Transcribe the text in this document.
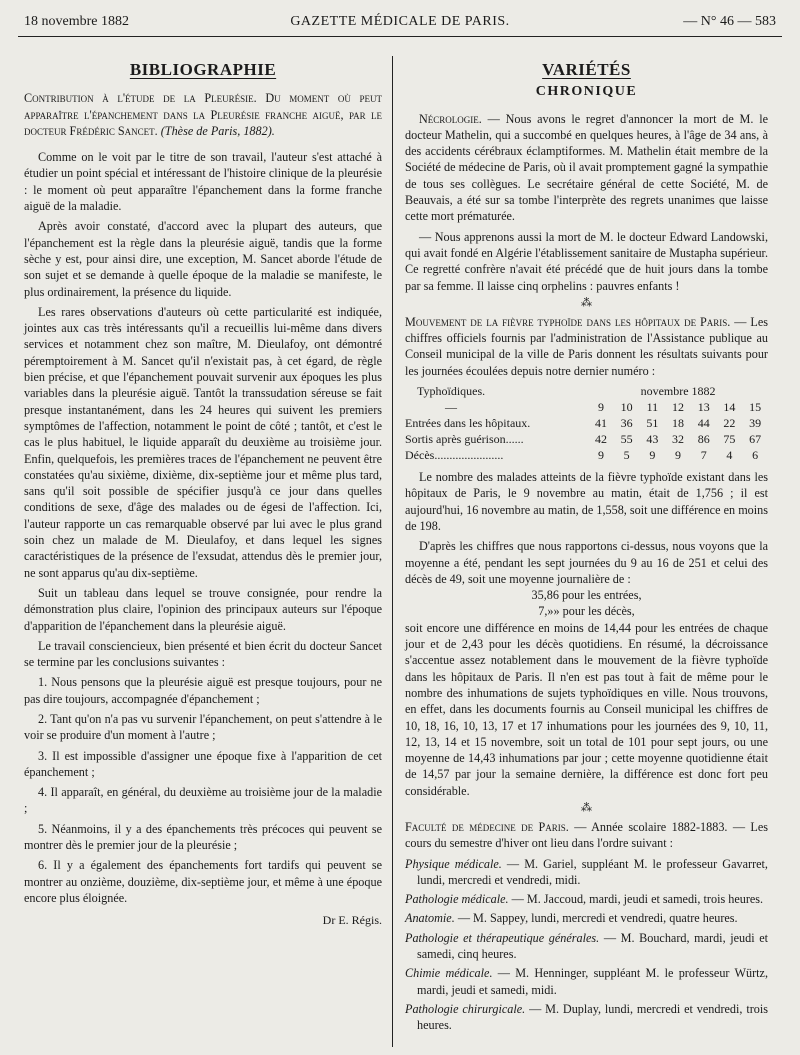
18 novembre 1882	GAZETTE MÉDICALE DE PARIS.	— N° 46 — 583
BIBLIOGRAPHIE

Contribution à l'étude de la Pleurésie. Du moment où peut apparaître l'épanchement dans la Pleurésie franche aiguë, par le docteur Frédéric Sancet. (Thèse de Paris, 1882).

Comme on le voit par le titre de son travail, l'auteur s'est attaché à étudier un point spécial et intéressant de l'histoire clinique de la pleurésie : le moment où peut apparaître l'épanchement dans la forme franche aiguë de la maladie.

Après avoir constaté, d'accord avec la plupart des auteurs, que l'épanchement est la règle dans la pleurésie aiguë, tandis que la forme sèche y est, pour ainsi dire, une exception, M. Sancet aborde l'étude de son sujet et se demande à quelle époque de la maladie se manifeste, le plus ordinairement, la présence du liquide.

Les rares observations d'auteurs où cette particularité est indiquée, jointes aux cas très intéressants qu'il a recueillis lui-même dans divers services et notamment chez son maître, M. Dieulafoy, ont démontré péremptoirement à M. Sancet qu'il n'existait pas, à cet égard, de règle bien précise, et que l'épanchement pouvait survenir aux époques les plus variables dans la pleurésie aiguë. Tantôt la transsudation séreuse se fait presque instantanément, dans les 24 heures qui suivent les premiers symptômes de l'affection, notamment le point de côté ; tantôt, et c'est le cas le plus habituel, le liquide apparaît du deuxième au troisième jour. Enfin, quelquefois, les premières traces de l'épanchement ne peuvent être constatées qu'au sixième, dixième, dix-septième jour et même plus tard, sans qu'il soit possible de spécifier jusqu'à ce jour dans quelles conditions de sexe, d'âge des malades ou de égesi de l'affection. Ici, l'auteur rapporte un cas remarquable observé par lui avec le plus grand soin chez un malade de M. Dieulafoy, et dans lequel les signes caractéristiques de la présence de l'exsudat, attendus dès le premier jour, ne sont apparus qu'au dix-septième.

Suit un tableau dans lequel se trouve consignée, pour rendre la démonstration plus claire, l'opinion des principaux auteurs sur l'époque d'apparition de l'épanchement dans la pleurésie aiguë.

Le travail consciencieux, bien présenté et bien écrit du docteur Sancet se termine par les conclusions suivantes :

1. Nous pensons que la pleurésie aiguë est presque toujours, pour ne pas dire toujours, accompagnée d'épanchement ;

2. Tant qu'on n'a pas vu survenir l'épanchement, on peut s'attendre à le voir se produire d'un moment à l'autre ;

3. Il est impossible d'assigner une époque fixe à l'apparition de cet épanchement ;

4. Il apparaît, en général, du deuxième au troisième jour de la maladie ;

5. Néanmoins, il y a des épanchements très précoces qui peuvent se montrer dès le premier jour de la pleurésie ;

6. Il y a également des épanchements fort tardifs qui peuvent se montrer au onzième, douzième, dix-septième jour, et même à une époque encore plus éloignée.

Dr E. Régis.
VARIÉTÉS
CHRONIQUE

Nécrologie. — Nous avons le regret d'annoncer la mort de M. le docteur Mathelin, qui a succombé en quelques heures, à l'âge de 34 ans, à des accidents cérébraux éclamptiformes. M. Mathelin était membre de la Société de médecine de Paris, où il avait promptement gagné la sympathie de tous ses collègues. Le secrétaire général de cette Société, M. de Beauvais, a été sur sa tombe l'interprète des regrets unanimes que laisse cette mort prématurée.

— Nous apprenons aussi la mort de M. le docteur Edward Landowski, qui avait fondé en Algérie l'établissement sanitaire de Mustapha supérieur. Ce regretté confrère n'avait été précédé que de huit jours dans la tombe par sa femme. Il laisse cinq orphelins : pauvres enfants !

⁂

Mouvement de la fièvre typhoïde dans les hôpitaux de Paris. — Les chiffres officiels fournis par l'administration de l'Assistance publique au Conseil municipal de la ville de Paris donnent les résultats suivants pour les journées écoulées depuis notre dernier numéro :

Typhoïdiques.	novembre 1882						
—	9	10	11	12	13	14	15
Entrées dans les hôpitaux.	41	36	51	18	44	22	39
Sortis après guérison......	42	55	43	32	86	75	67
Décès.......................	9	5	9	9	7	4	6

Le nombre des malades atteints de la fièvre typhoïde existant dans les hôpitaux de Paris, le 9 novembre au matin, était de 1,756 ; il est aujourd'hui, 16 novembre au matin, de 1,558, soit une différence en moins de 198.

D'après les chiffres que nous rapportons ci-dessus, nous voyons que la moyenne a été, pendant les sept journées du 9 au 16 de 251 et celui des décès de 49, soit une moyenne journalière de :

35,86 pour les entrées,
7,»» pour les décès,

soit encore une différence en moins de 14,44 pour les entrées de chaque jour et de 2,43 pour les décès quotidiens. En résumé, la décroissance s'accentue assez notablement dans le mouvement de la fièvre typhoïde dans les hôpitaux de Paris. Il n'en est pas tout à fait de même pour le nombre des inhumations de sujets typhoïdiques en ville. Nous trouvons, en effet, dans les documents fournis au Conseil municipal les chiffres de 10, 18, 16, 10, 13, 17 et 17 inhumations pour les journées des 9, 10, 11, 12, 13, 14 et 15 novembre, soit un total de 101 pour sept jours, ou une moyenne de 14,43 inhumations par jour ; cette moyenne quotidienne était de 14,57 par jour la semaine dernière, la différence est donc fort peu considérable.

⁂

Faculté de médecine de Paris. — Année scolaire 1882-1883. — Les cours du semestre d'hiver ont lieu dans l'ordre suivant :

Physique médicale. — M. Gariel, suppléant M. le professeur Gavarret, lundi, mercredi et vendredi, midi.

Pathologie médicale. — M. Jaccoud, mardi, jeudi et samedi, trois heures.

Anatomie. — M. Sappey, lundi, mercredi et vendredi, quatre heures.

Pathologie et thérapeutique générales. — M. Bouchard, mardi, jeudi et samedi, cinq heures.

Chimie médicale. — M. Henninger, suppléant M. le professeur Würtz, mardi, jeudi et samedi, midi.

Pathologie chirurgicale. — M. Duplay, lundi, mercredi et vendredi, trois heures.
